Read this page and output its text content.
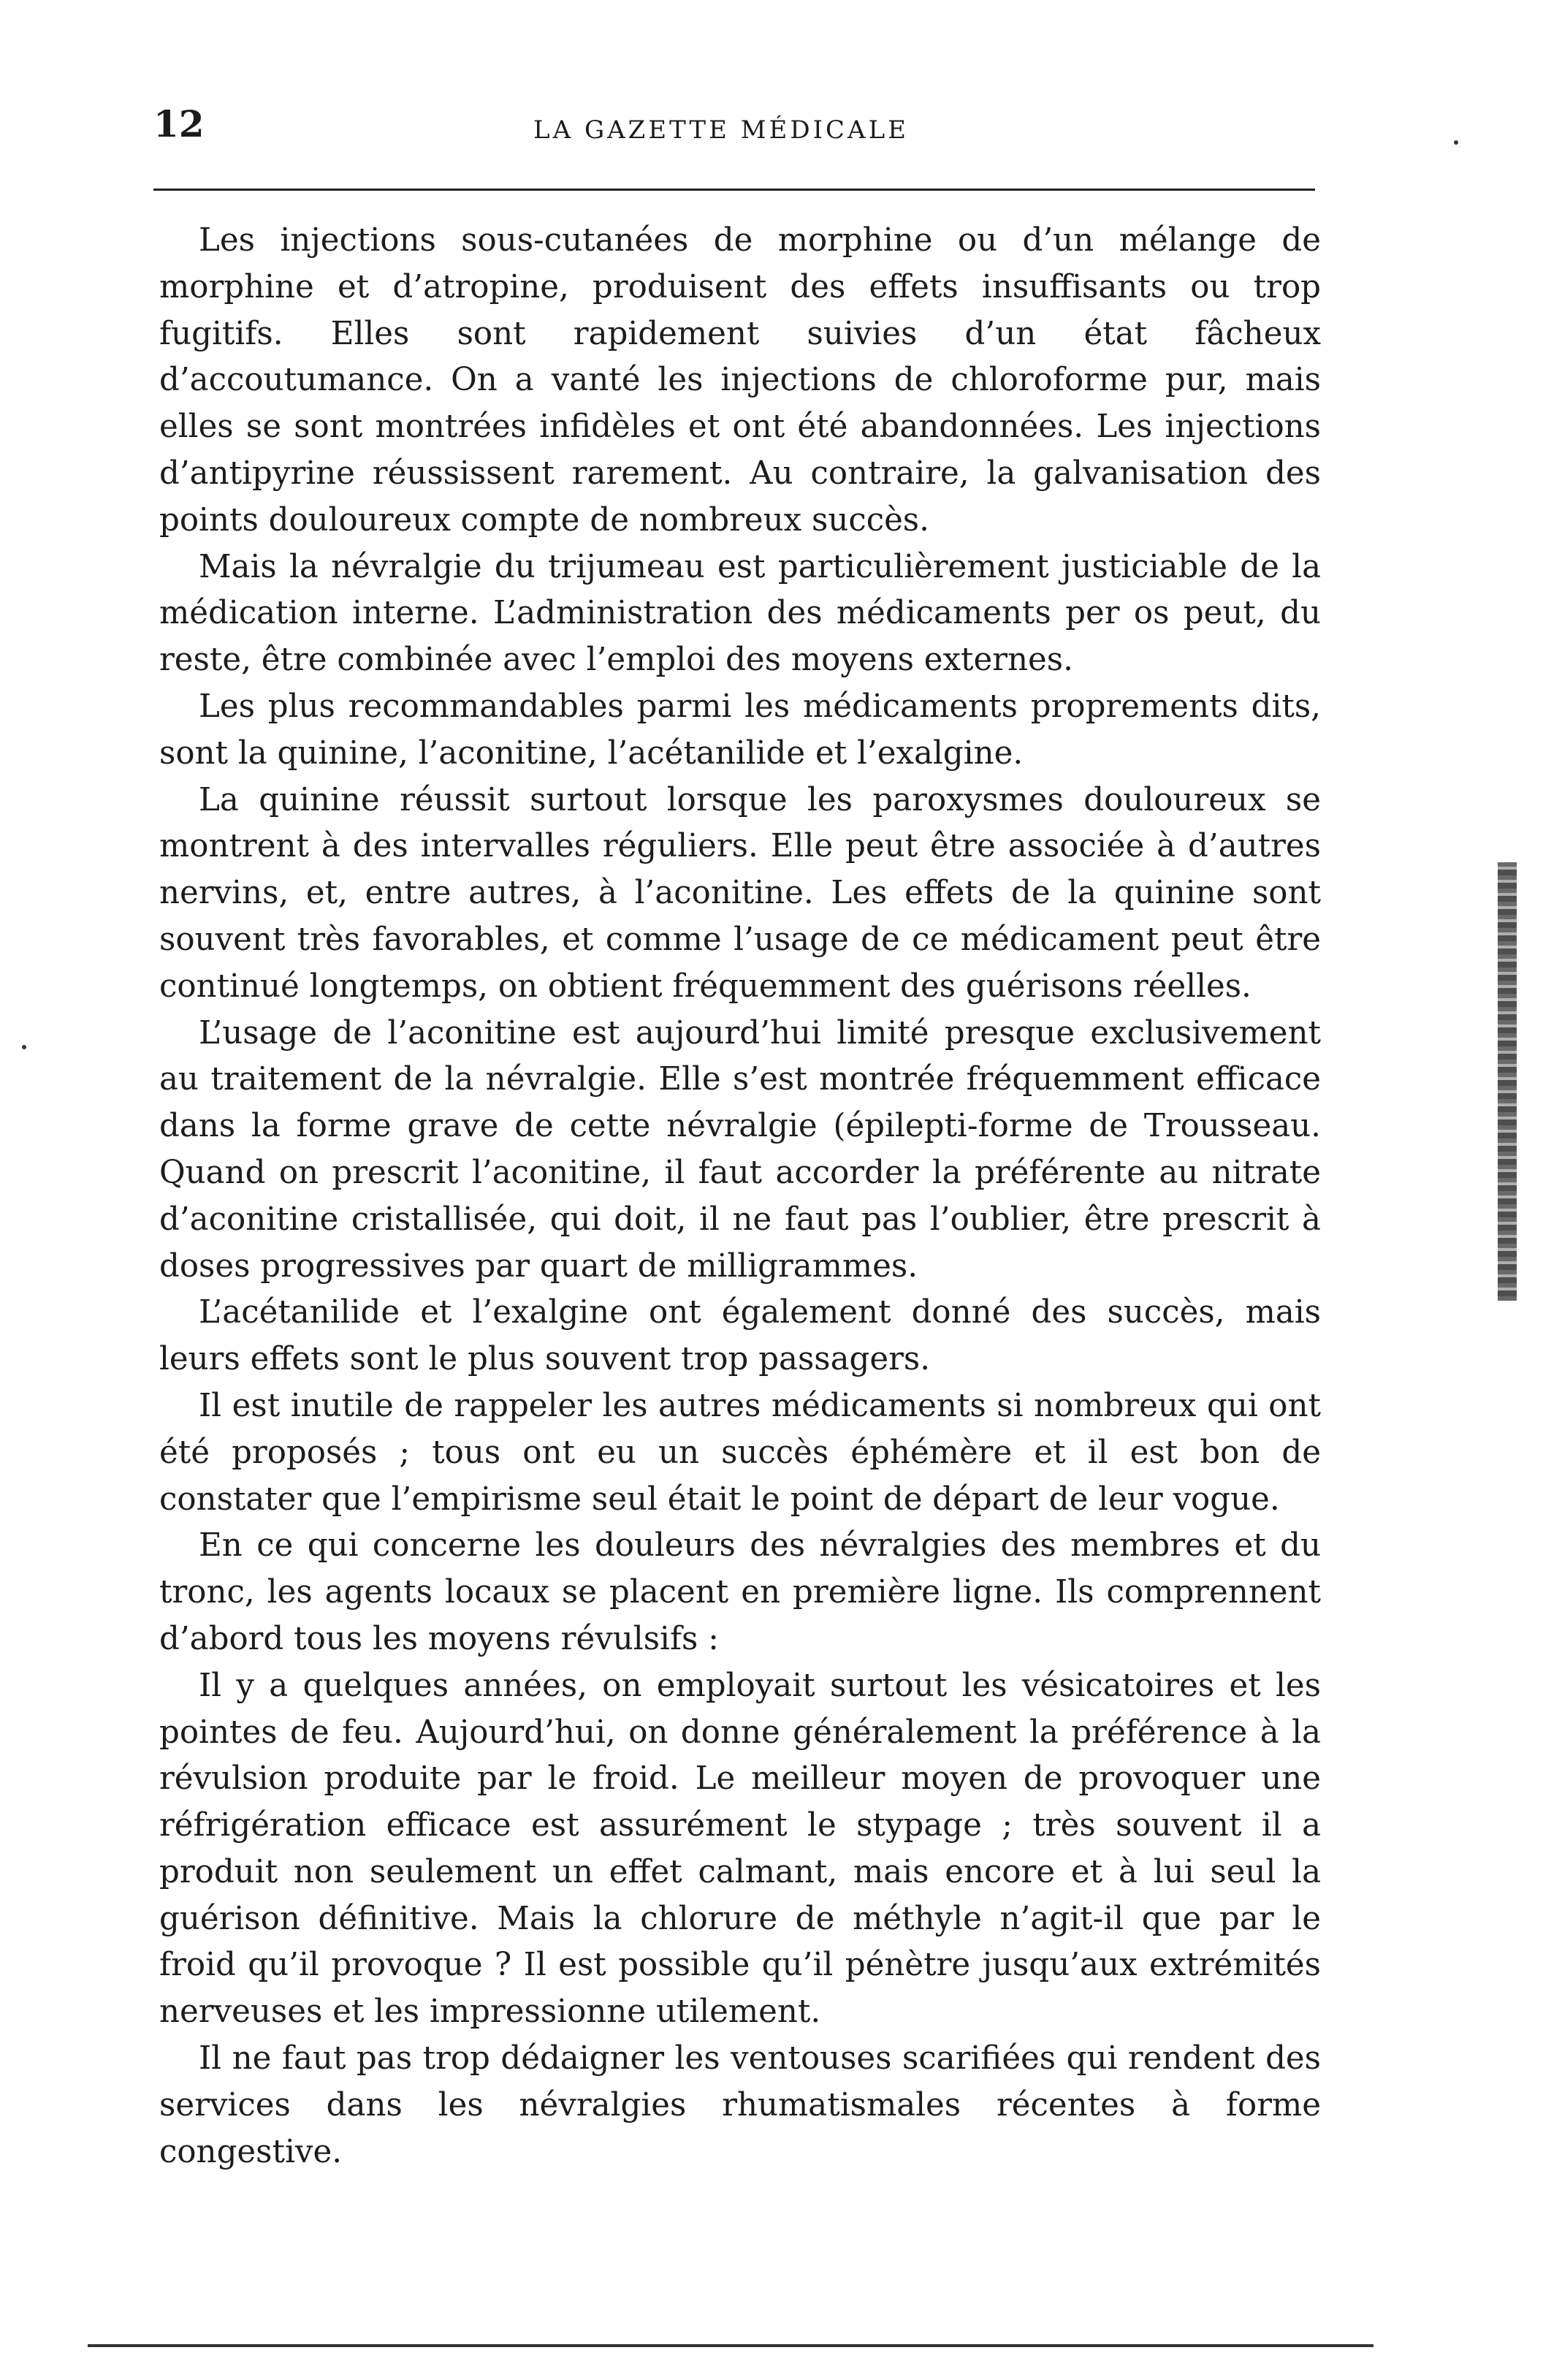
12	LA GAZETTE MÉDICALE

Les injections sous-cutanées de morphine ou d’un mélange de morphine et d’atropine, produisent des effets insuffisants ou trop fugitifs. Elles sont rapidement suivies d’un état fâcheux d’accoutumance. On a vanté les injections de chloroforme pur, mais elles se sont montrées infidèles et ont été abandonnées. Les injections d’antipyrine réussissent rarement. Au contraire, la galvanisation des points douloureux compte de nombreux succès.

Mais la névralgie du trijumeau est particulièrement justiciable de la médication interne. L’administration des médicaments per os peut, du reste, être combinée avec l’emploi des moyens externes.

Les plus recommandables parmi les médicaments proprements dits, sont la quinine, l’aconitine, l’acétanilide et l’exalgine.

La quinine réussit surtout lorsque les paroxysmes douloureux se montrent à des intervalles réguliers. Elle peut être associée à d’autres nervins, et, entre autres, à l’aconitine. Les effets de la quinine sont souvent très favorables, et comme l’usage de ce médicament peut être continué longtemps, on obtient fréquemment des guérisons réelles.

L’usage de l’aconitine est aujourd’hui limité presque exclusivement au traitement de la névralgie. Elle s’est montrée fréquemment efficace dans la forme grave de cette névralgie (épilepti-forme de Trousseau. Quand on prescrit l’aconitine, il faut accorder la préférente au nitrate d’aconitine cristallisée, qui doit, il ne faut pas l’oublier, être prescrit à doses progressives par quart de milligrammes.

L’acétanilide et l’exalgine ont également donné des succès, mais leurs effets sont le plus souvent trop passagers.

Il est inutile de rappeler les autres médicaments si nombreux qui ont été proposés ; tous ont eu un succès éphémère et il est bon de constater que l’empirisme seul était le point de départ de leur vogue.

En ce qui concerne les douleurs des névralgies des membres et du tronc, les agents locaux se placent en première ligne. Ils comprennent d’abord tous les moyens révulsifs :

Il y a quelques années, on employait surtout les vésicatoires et les pointes de feu. Aujourd’hui, on donne généralement la préférence à la révulsion produite par le froid. Le meilleur moyen de provoquer une réfrigération efficace est assurément le stypage ; très souvent il a produit non seulement un effet calmant, mais encore et à lui seul la guérison définitive. Mais la chlorure de méthyle n’agit-il que par le froid qu’il provoque ? Il est possible qu’il pénètre jusqu’aux extrémités nerveuses et les impressionne utilement.

Il ne faut pas trop dédaigner les ventouses scarifiées qui rendent des services dans les névralgies rhumatismales récentes à forme congestive.
